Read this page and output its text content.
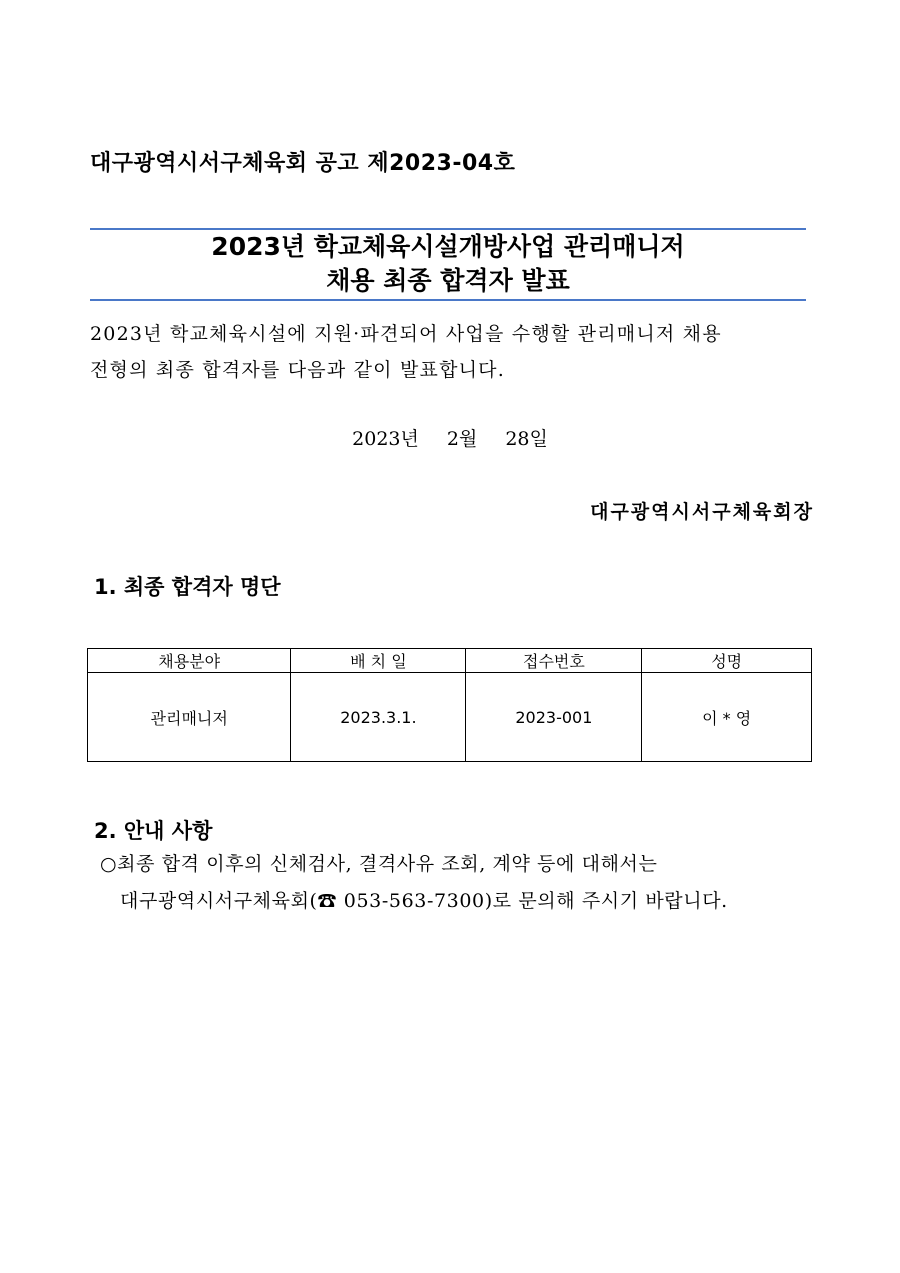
대구광역시서구체육회 공고 제2023-04호
2023년 학교체육시설개방사업 관리매니저
채용 최종 합격자 발표
2023년 학교체육시설에 지원·파견되어 사업을 수행할 관리매니저 채용
전형의 최종 합격자를 다음과 같이 발표합니다.
2023년 2월 28일
대구광역시서구체육회장
1. 최종 합격자 명단
채용분야	배 치 일	접수번호	성명
관리매니저	2023.3.1.	2023-001	이 * 영
2. 안내 사항
○최종 합격 이후의 신체검사, 결격사유 조회, 계약 등에 대해서는
대구광역시서구체육회(☎ 053-563-7300)로 문의해 주시기 바랍니다.
